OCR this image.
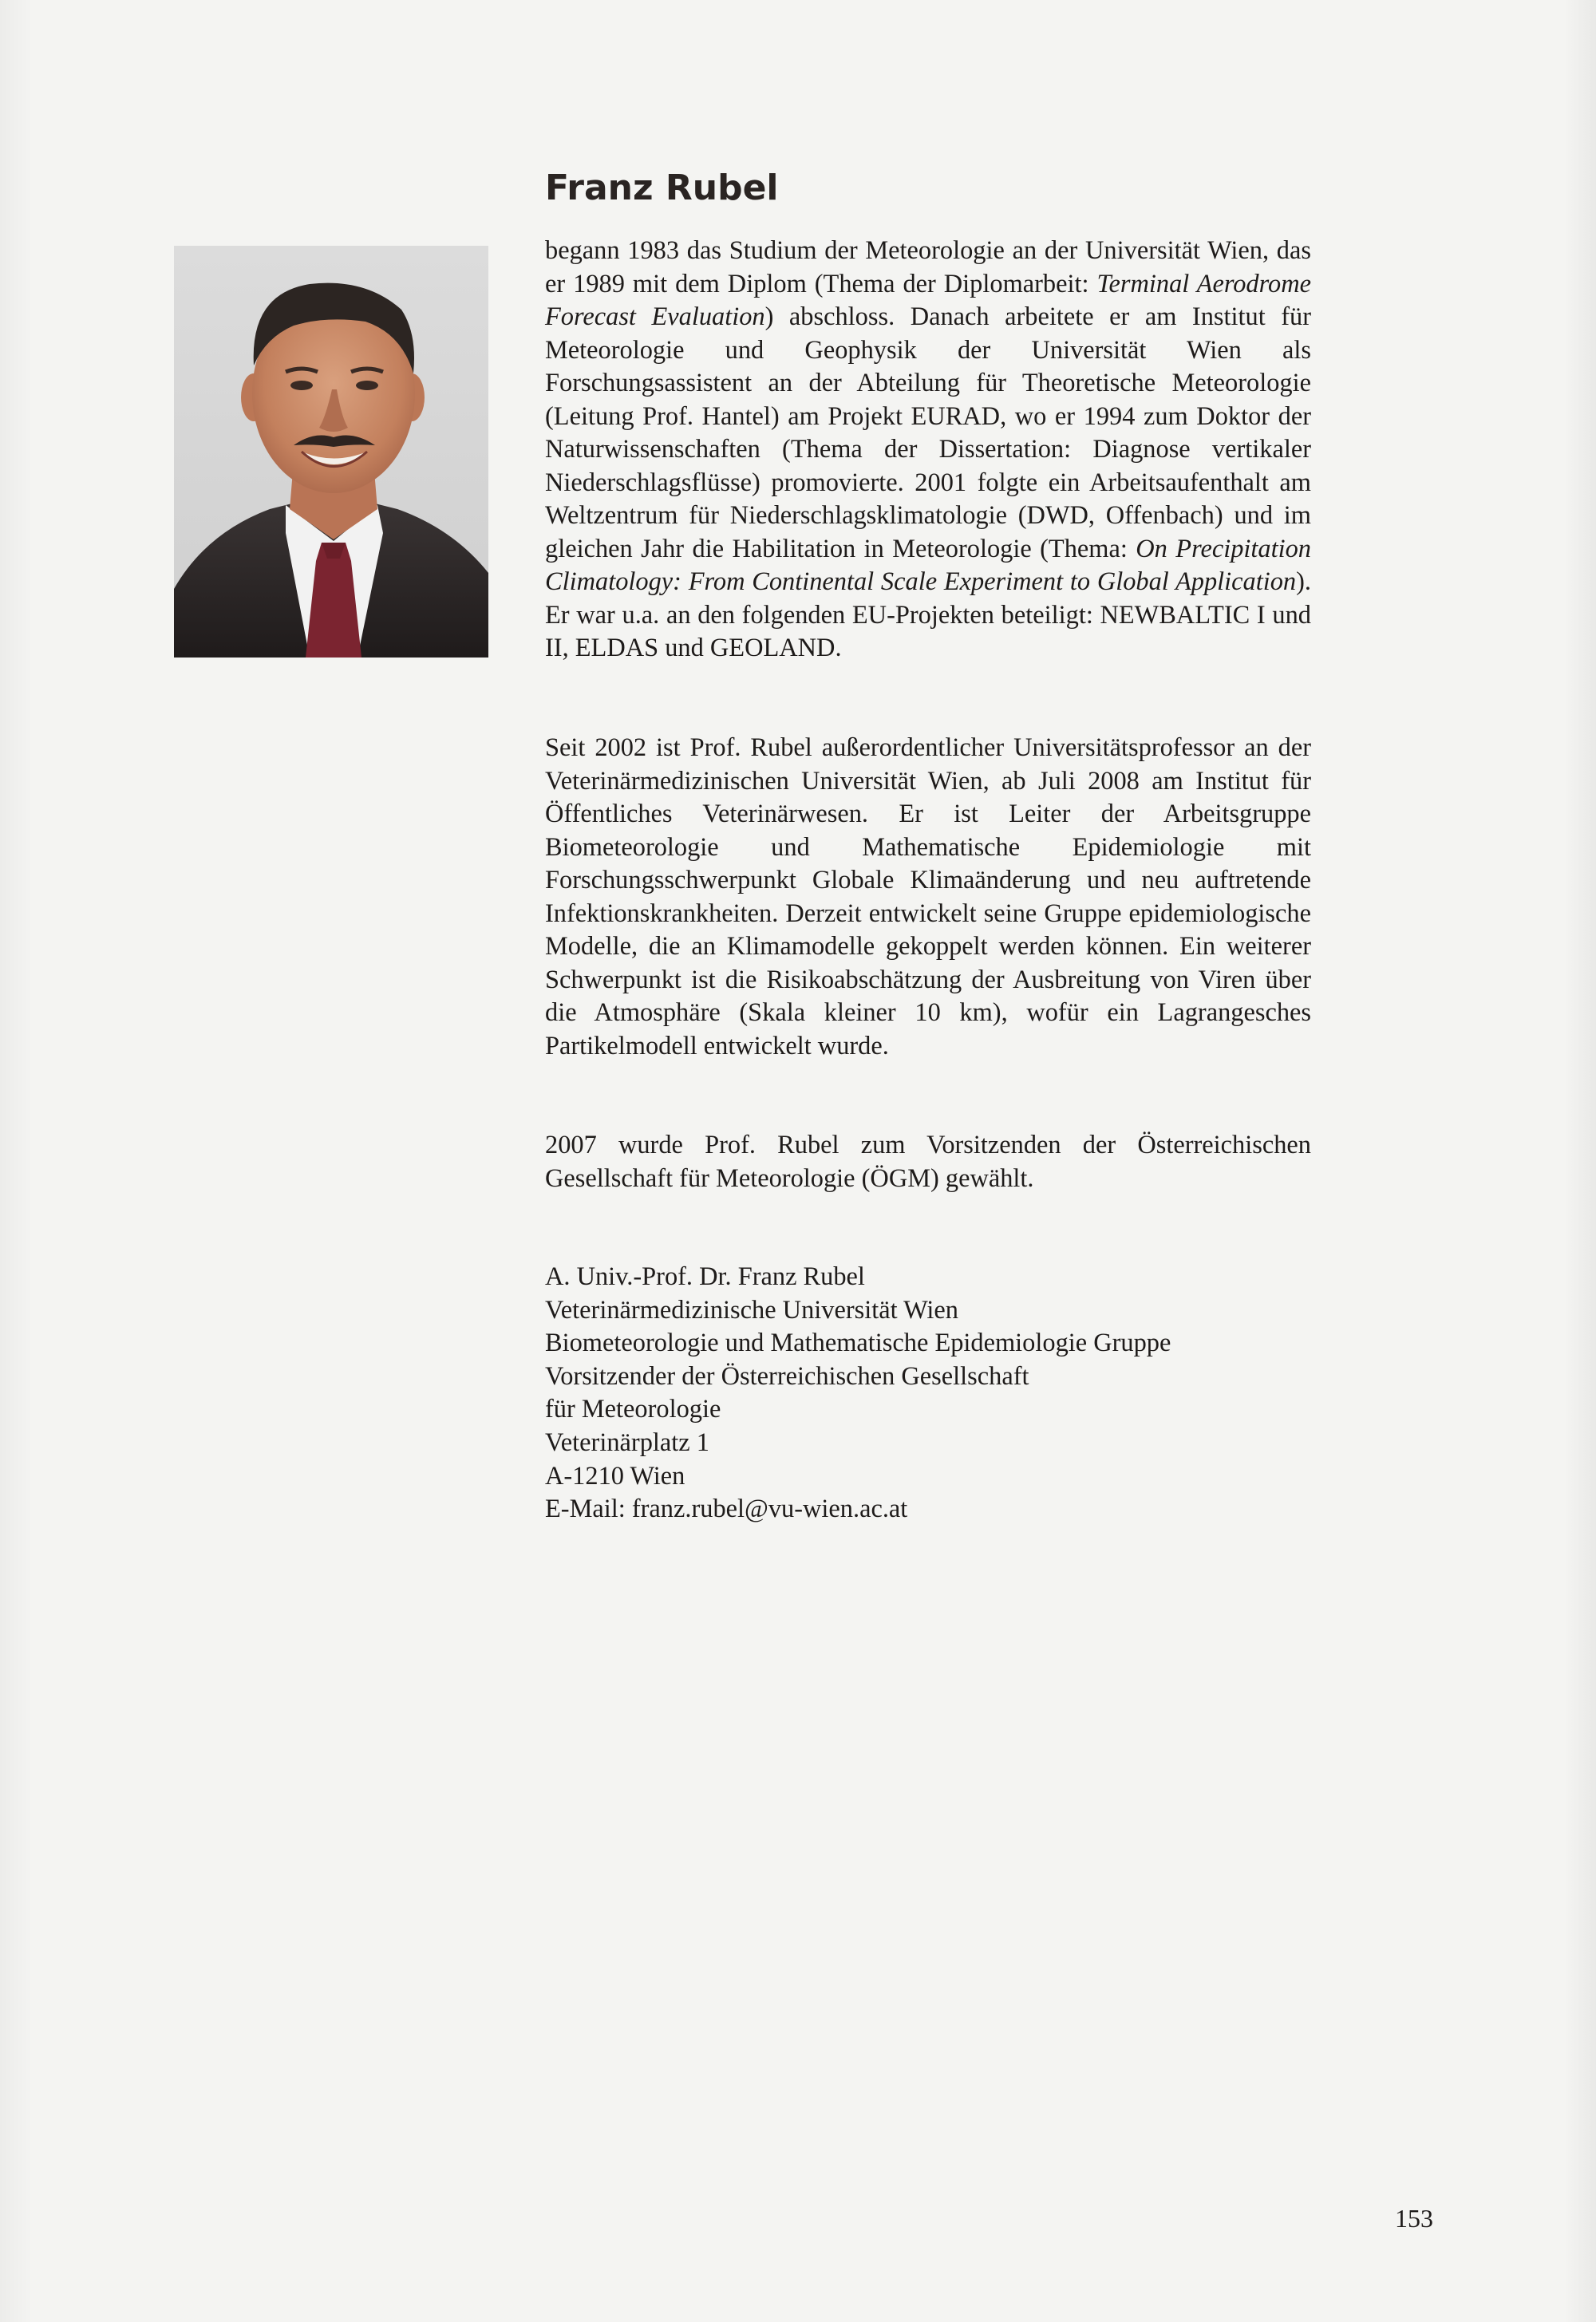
Franz Rubel

begann 1983 das Studium der Meteorologie an der Universität Wien, das er 1989 mit dem Diplom (Thema der Diplomarbeit: Terminal Aerodrome Forecast Evaluation) abschloss. Danach arbeitete er am Institut für Meteorologie und Geophysik der Universität Wien als Forschungsassistent an der Abteilung für Theoretische Meteorologie (Leitung Prof. Hantel) am Projekt EURAD, wo er 1994 zum Doktor der Naturwissenschaften (Thema der Dissertation: Diagnose vertikaler Niederschlagsflüsse) promovierte. 2001 folgte ein Arbeitsaufenthalt am Weltzentrum für Niederschlagsklimatologie (DWD, Offenbach) und im gleichen Jahr die Habilitation in Meteorologie (Thema: On Precipitation Climatology: From Continental Scale Experiment to Global Application). Er war u.a. an den folgenden EU-Projekten beteiligt: NEWBALTIC I und II, ELDAS und GEOLAND.

Seit 2002 ist Prof. Rubel außerordentlicher Universitätsprofessor an der Veterinärmedizinischen Universität Wien, ab Juli 2008 am Institut für Öffentliches Veterinärwesen. Er ist Leiter der Arbeitsgruppe Biometeorologie und Mathematische Epidemiologie mit Forschungsschwerpunkt Globale Klimaänderung und neu auftretende Infektionskrankheiten. Derzeit entwickelt seine Gruppe epidemiologische Modelle, die an Klimamodelle gekoppelt werden können. Ein weiterer Schwerpunkt ist die Risikoabschätzung der Ausbreitung von Viren über die Atmosphäre (Skala kleiner 10 km), wofür ein Lagrangesches Partikelmodell entwickelt wurde.

2007 wurde Prof. Rubel zum Vorsitzenden der Österreichischen Gesellschaft für Meteorologie (ÖGM) gewählt.

A. Univ.-Prof. Dr. Franz Rubel
Veterinärmedizinische Universität Wien
Biometeorologie und Mathematische Epidemiologie Gruppe
Vorsitzender der Österreichischen Gesellschaft
für Meteorologie
Veterinärplatz 1
A-1210 Wien
E-Mail: franz.rubel@vu-wien.ac.at
153
